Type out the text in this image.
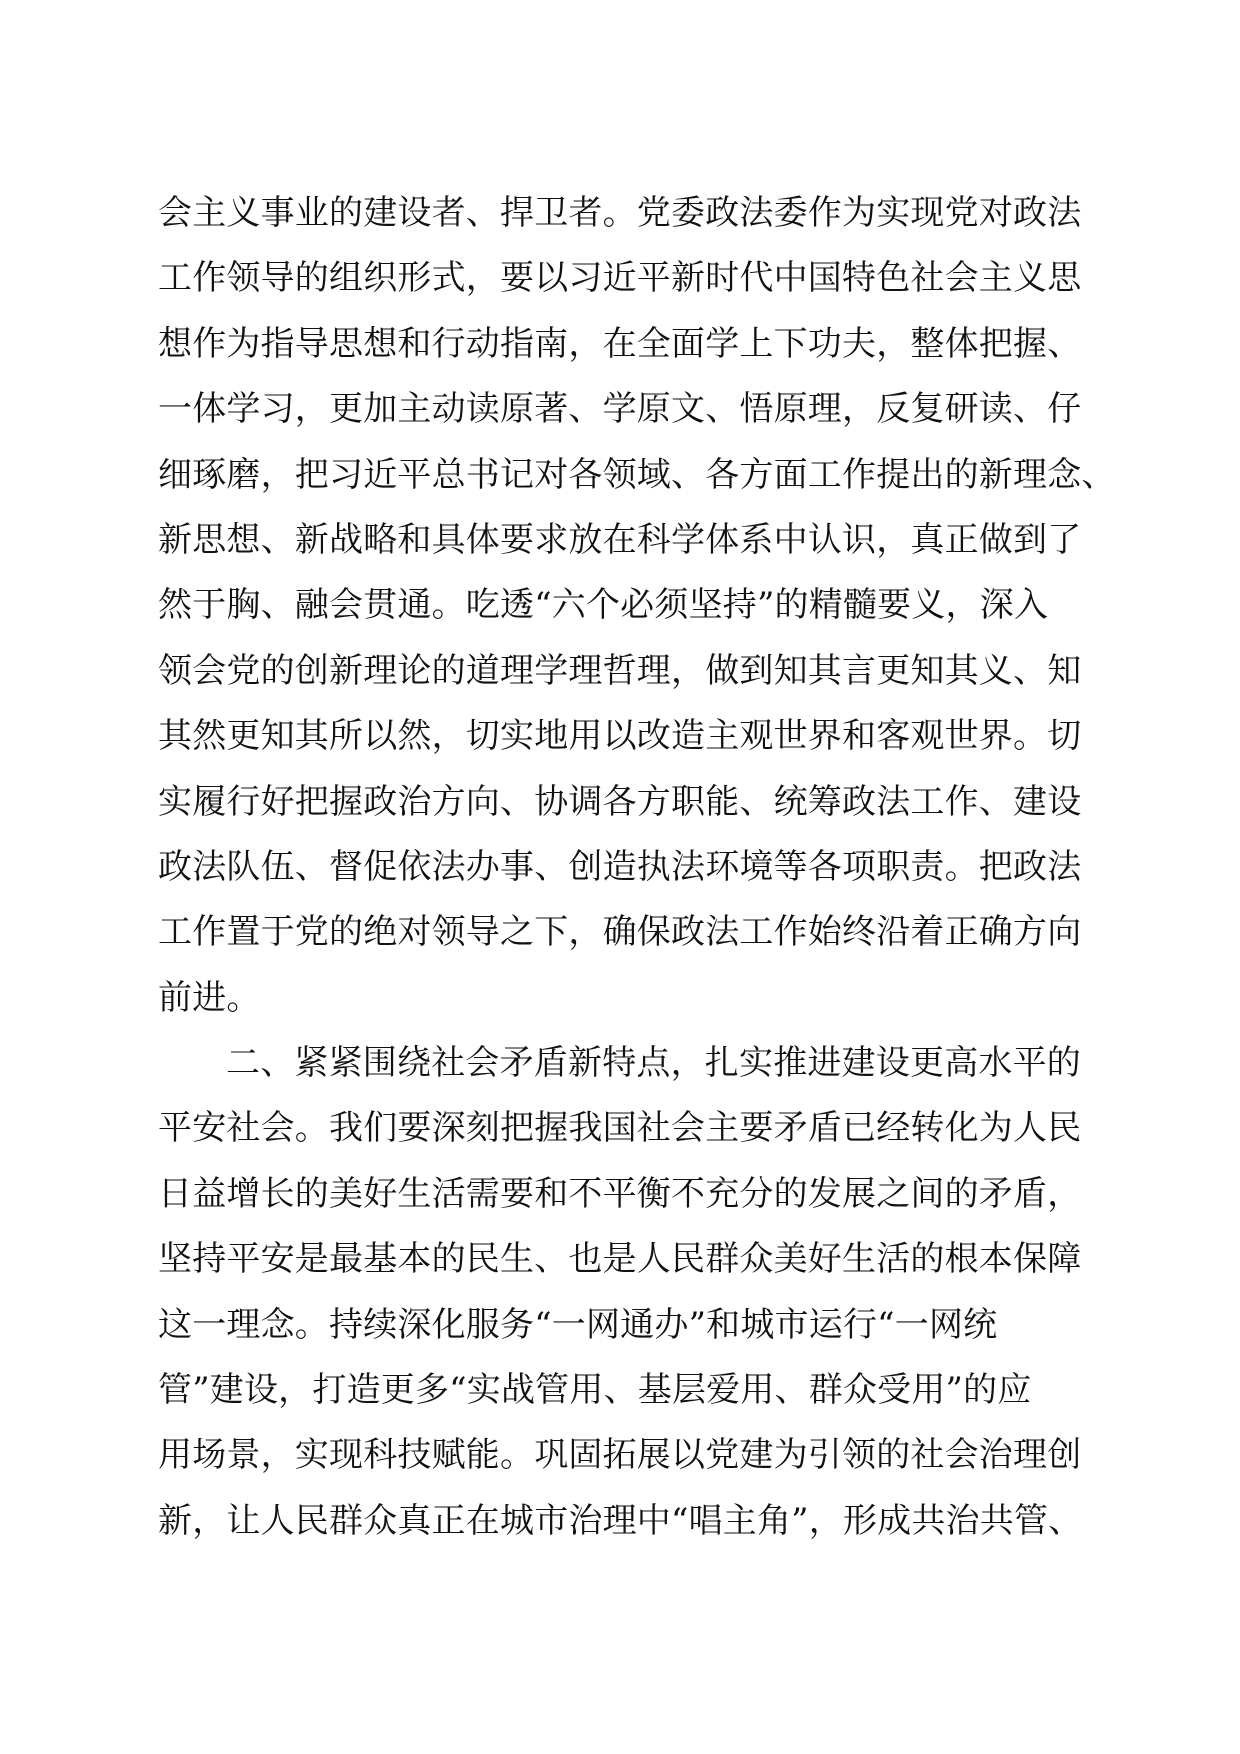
会主义事业的建设者、捍卫者。党委政法委作为实现党对政法
工作领导的组织形式，要以习近平新时代中国特色社会主义思
想作为指导思想和行动指南，在全面学上下功夫，整体把握、
一体学习，更加主动读原著、学原文、悟原理，反复研读、仔
细琢磨，把习近平总书记对各领域、各方面工作提出的新理念、
新思想、新战略和具体要求放在科学体系中认识，真正做到了
然于胸、融会贯通。吃透“六个必须坚持”的精髓要义，深入
领会党的创新理论的道理学理哲理，做到知其言更知其义、知
其然更知其所以然，切实地用以改造主观世界和客观世界。切
实履行好把握政治方向、协调各方职能、统筹政法工作、建设
政法队伍、督促依法办事、创造执法环境等各项职责。把政法
工作置于党的绝对领导之下，确保政法工作始终沿着正确方向
前进。
二、紧紧围绕社会矛盾新特点，扎实推进建设更高水平的
平安社会。我们要深刻把握我国社会主要矛盾已经转化为人民
日益增长的美好生活需要和不平衡不充分的发展之间的矛盾，
坚持平安是最基本的民生、也是人民群众美好生活的根本保障
这一理念。持续深化服务“一网通办”和城市运行“一网统
管”建设，打造更多“实战管用、基层爱用、群众受用”的应
用场景，实现科技赋能。巩固拓展以党建为引领的社会治理创
新，让人民群众真正在城市治理中“唱主角”，形成共治共管、
